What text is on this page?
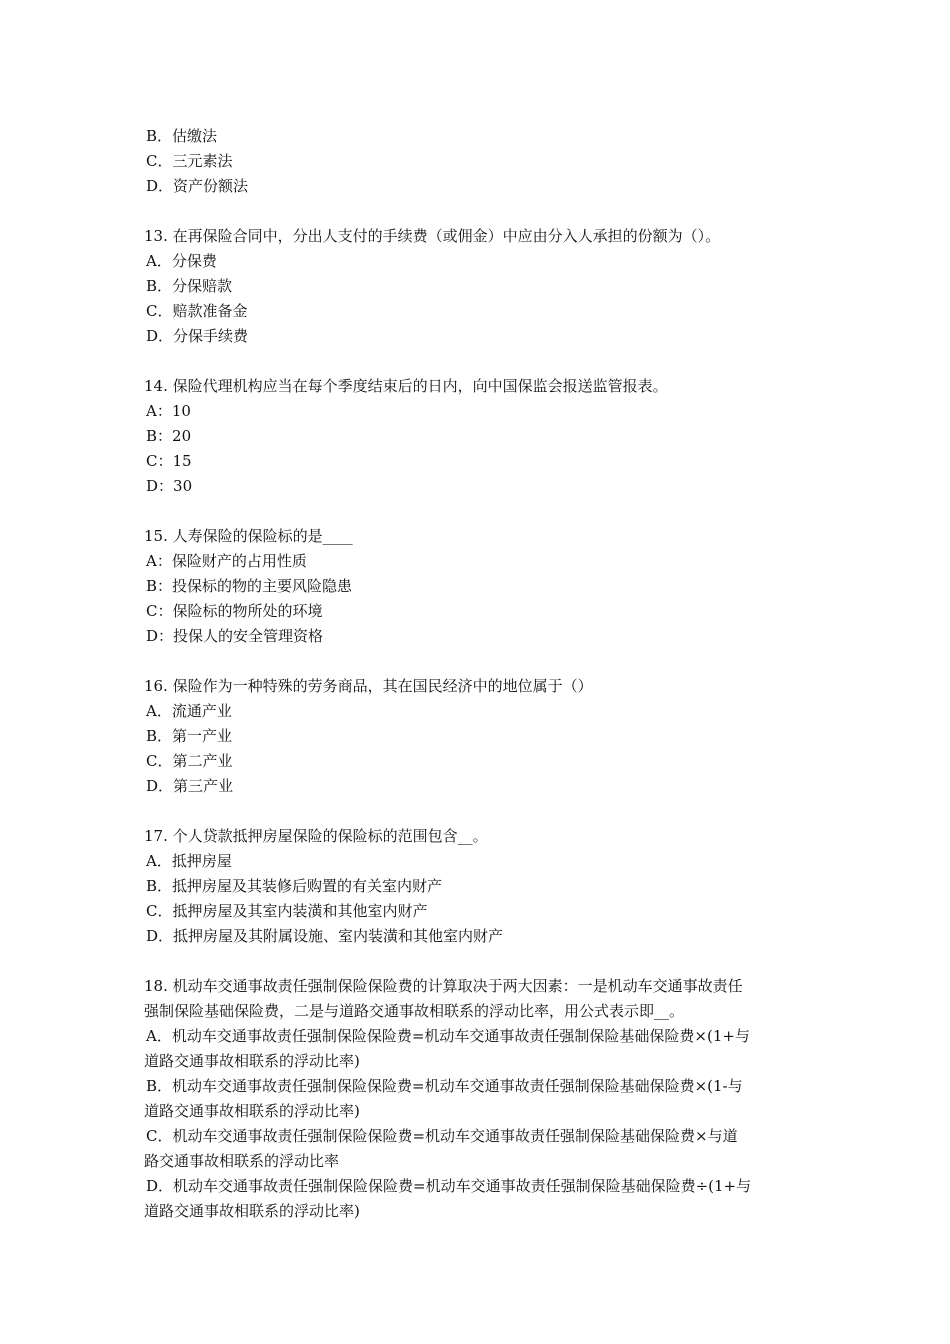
B．估缴法

C．三元素法

D．资产份额法

13. 在再保险合同中，分出人支付的手续费（或佣金）中应由分入人承担的份额为（）。

A．分保费

B．分保赔款

C．赔款准备金

D．分保手续费

14. 保险代理机构应当在每个季度结束后的日内，向中国保监会报送监管报表。

A：10

B：20

C：15

D：30

15. 人寿保险的保险标的是____

A：保险财产的占用性质

B：投保标的物的主要风险隐患

C：保险标的物所处的环境

D：投保人的安全管理资格

16. 保险作为一种特殊的劳务商品，其在国民经济中的地位属于（）

A．流通产业

B．第一产业

C．第二产业

D．第三产业

17. 个人贷款抵押房屋保险的保险标的范围包含__。

A．抵押房屋

B．抵押房屋及其装修后购置的有关室内财产

C．抵押房屋及其室内装潢和其他室内财产

D．抵押房屋及其附属设施、室内装潢和其他室内财产

18. 机动车交通事故责任强制保险保险费的计算取决于两大因素：一是机动车交通事故责任

强制保险基础保险费，二是与道路交通事故相联系的浮动比率，用公式表示即__。

A．机动车交通事故责任强制保险保险费=机动车交通事故责任强制保险基础保险费×(1+与

道路交通事故相联系的浮动比率)

B．机动车交通事故责任强制保险保险费=机动车交通事故责任强制保险基础保险费×(1-与

道路交通事故相联系的浮动比率)

C．机动车交通事故责任强制保险保险费=机动车交通事故责任强制保险基础保险费×与道

路交通事故相联系的浮动比率

D．机动车交通事故责任强制保险保险费=机动车交通事故责任强制保险基础保险费÷(1+与

道路交通事故相联系的浮动比率)
